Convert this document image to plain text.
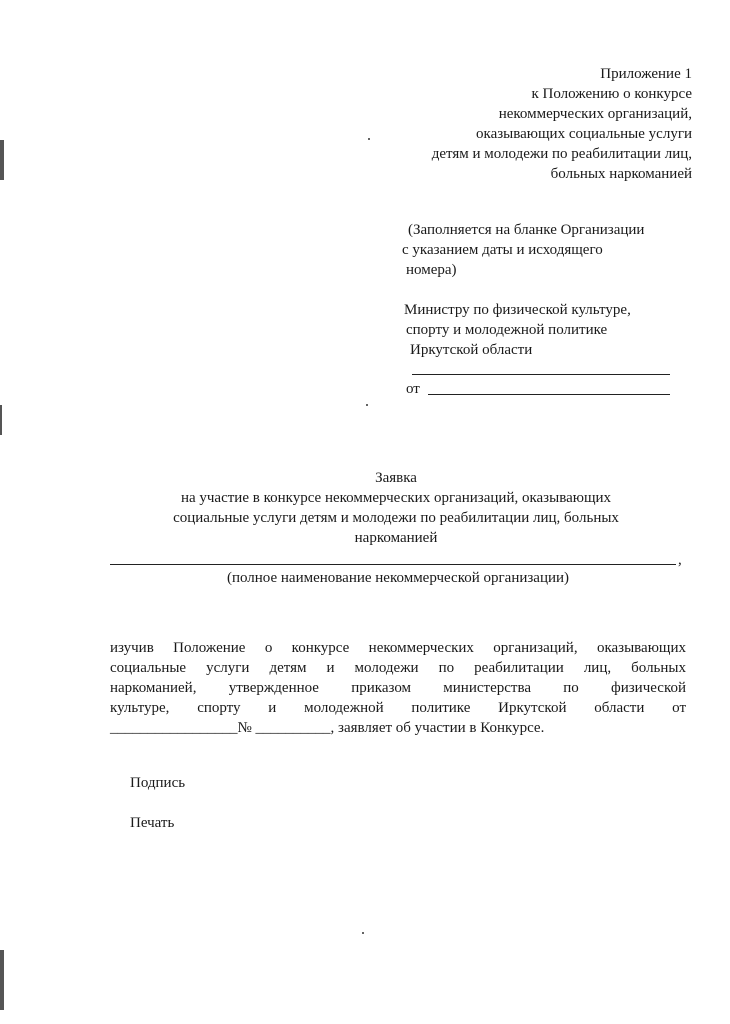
Приложение 1
к Положению о конкурсе
некоммерческих организаций,
оказывающих социальные услуги
детям и молодежи по реабилитации лиц,
больных наркоманией
(Заполняется на бланке Организации
с указанием даты и исходящего
номера)
Министру по физической культуре,
спорту и молодежной политике
Иркутской области
от
Заявка
на участие в конкурсе некоммерческих организаций, оказывающих
социальные услуги детям и молодежи по реабилитации лиц, больных
наркоманией
,
(полное наименование некоммерческой организации)
изучив Положение о конкурсе некоммерческих организаций, оказывающих
социальные услуги детям и молодежи по реабилитации лиц, больных
наркоманией, утвержденное приказом министерства по физической
культуре, спорту и молодежной политике Иркутской области от
_________________№ __________, заявляет об участии в Конкурсе.
Подпись
Печать
